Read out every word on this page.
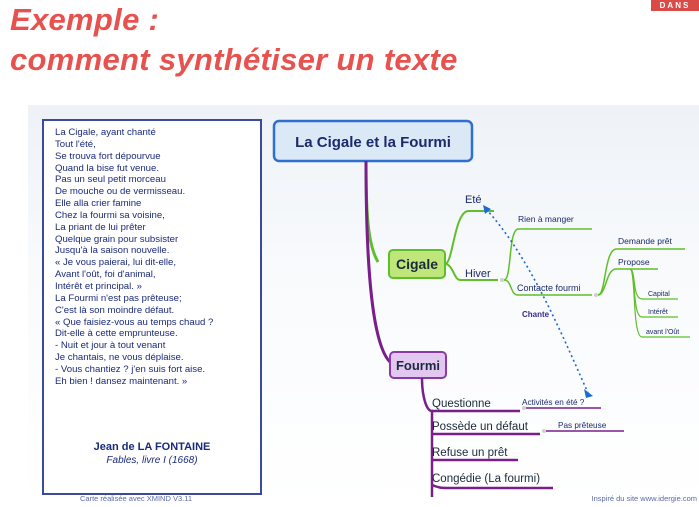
Exemple :
comment synthétiser un texte
DANS
La Cigale, ayant chanté
Tout l'été,
Se trouva fort dépourvue
Quand la bise fut venue.
Pas un seul petit morceau
De mouche ou de vermisseau.
Elle alla crier famine
Chez la fourmi sa voisine,
La priant de lui prêter
Quelque grain pour subsister
Jusqu'à la saison nouvelle.
« Je vous paierai, lui dit-elle,
Avant l'oût, foi d'animal,
Intérêt et principal. »
La Fourmi n'est pas prêteuse;
C'est là son moindre défaut.
« Que faisiez-vous au temps chaud ?
Dit-elle à cette emprunteuse.
- Nuit et jour à tout venant
Je chantais, ne vous déplaise.
- Vous chantiez ? j'en suis fort aise.
Eh bien ! dansez maintenant. »
Jean de LA FONTAINE
Fables, livre I (1668)
La Cigale et la Fourmi
Cigale
Eté
Hiver
Rien à manger
Contacte fourmi
Demande prêt
Propose
Capital
Intérêt
avant l'Oût
Chante
Fourmi
Questionne	Activités en été ?
Possède un défaut	Pas prêteuse
Refuse un prêt
Congédie (La fourmi)
Carte réalisée avec XMIND V3.11	Inspiré du site www.idergie.com
